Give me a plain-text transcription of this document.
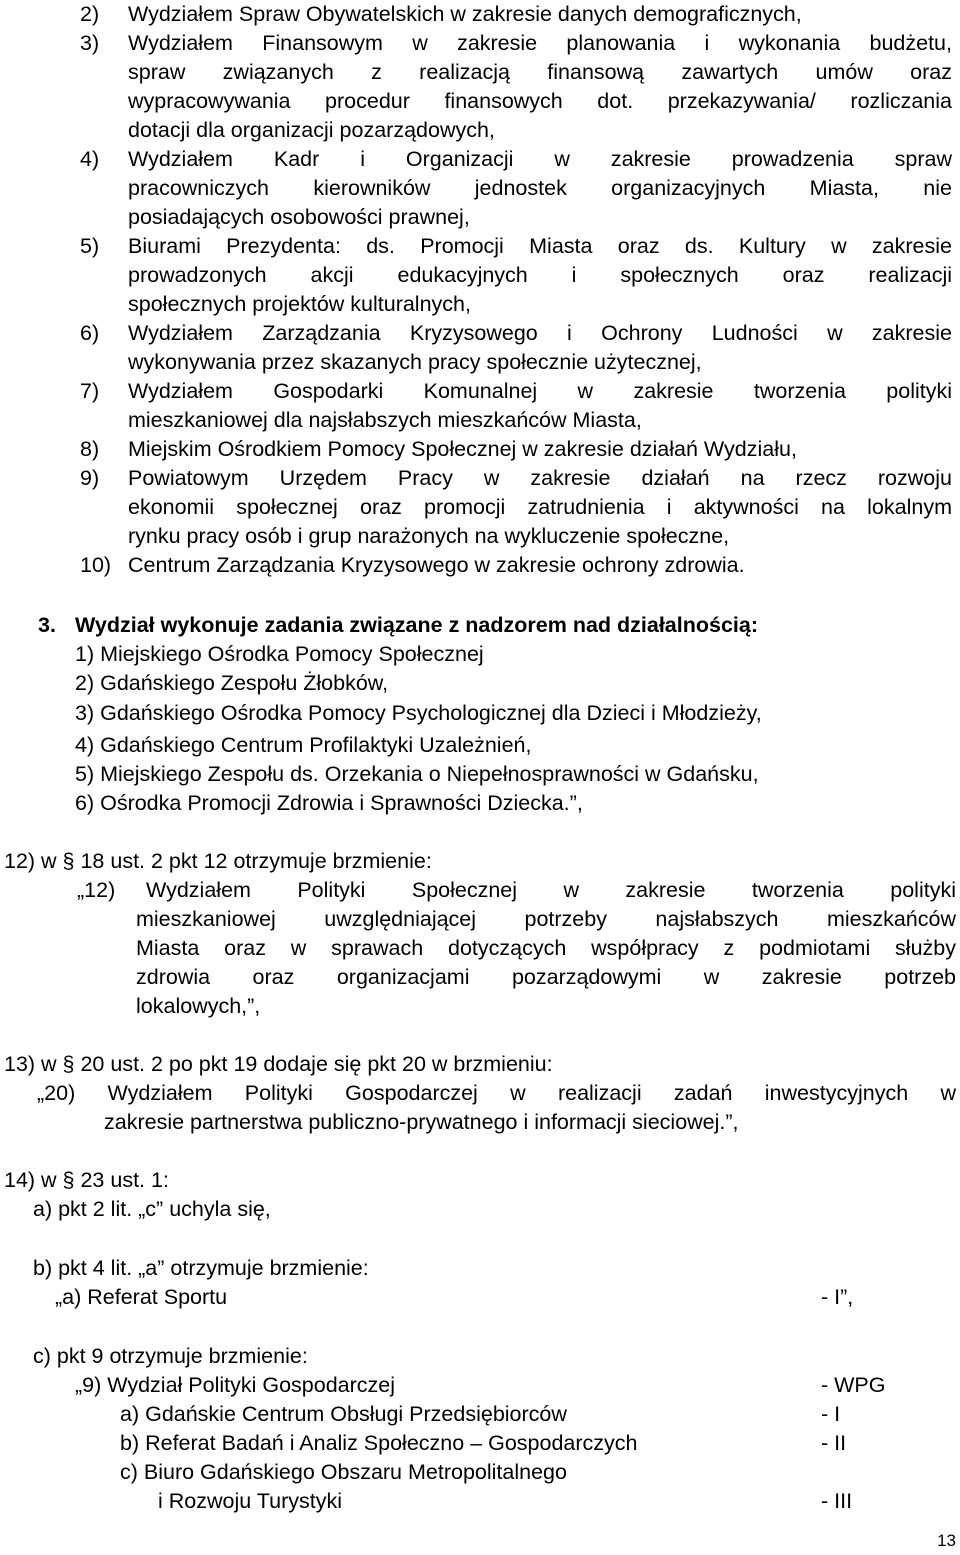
2) Wydziałem Spraw Obywatelskich w zakresie danych demograficznych,
3) Wydziałem Finansowym w zakresie planowania i wykonania budżetu,
spraw związanych z realizacją finansową zawartych umów oraz
wypracowywania procedur finansowych dot. przekazywania/ rozliczania
dotacji dla organizacji pozarządowych,
4) Wydziałem Kadr i Organizacji w zakresie prowadzenia spraw
pracowniczych kierowników jednostek organizacyjnych Miasta, nie
posiadających osobowości prawnej,
5) Biurami Prezydenta: ds. Promocji Miasta oraz ds. Kultury w zakresie
prowadzonych akcji edukacyjnych i społecznych oraz realizacji
społecznych projektów kulturalnych,
6) Wydziałem Zarządzania Kryzysowego i Ochrony Ludności w zakresie
wykonywania przez skazanych pracy społecznie użytecznej,
7) Wydziałem Gospodarki Komunalnej w zakresie tworzenia polityki
mieszkaniowej dla najsłabszych mieszkańców Miasta,
8) Miejskim Ośrodkiem Pomocy Społecznej w zakresie działań Wydziału,
9) Powiatowym Urzędem Pracy w zakresie działań na rzecz rozwoju
ekonomii społecznej oraz promocji zatrudnienia i aktywności na lokalnym
rynku pracy osób i grup narażonych na wykluczenie społeczne,
10) Centrum Zarządzania Kryzysowego w zakresie ochrony zdrowia.
3. Wydział wykonuje zadania związane z nadzorem nad działalnością:
1) Miejskiego Ośrodka Pomocy Społecznej
2) Gdańskiego Zespołu Żłobków,
3) Gdańskiego Ośrodka Pomocy Psychologicznej dla Dzieci i Młodzieży,
4) Gdańskiego Centrum Profilaktyki Uzależnień,
5) Miejskiego Zespołu ds. Orzekania o Niepełnosprawności w Gdańsku,
6) Ośrodka Promocji Zdrowia i Sprawności Dziecka.”,
12) w § 18 ust. 2 pkt 12 otrzymuje brzmienie:
„12) Wydziałem Polityki Społecznej w zakresie tworzenia polityki
mieszkaniowej uwzględniającej potrzeby najsłabszych mieszkańców
Miasta oraz w sprawach dotyczących współpracy z podmiotami służby
zdrowia oraz organizacjami pozarządowymi w zakresie potrzeb
lokalowych,”,
13) w § 20 ust. 2 po pkt 19 dodaje się pkt 20 w brzmieniu:
„20) Wydziałem Polityki Gospodarczej w realizacji zadań inwestycyjnych w
zakresie partnerstwa publiczno-prywatnego i informacji sieciowej.”,
14) w § 23 ust. 1:
a) pkt 2 lit. „c” uchyla się,
b) pkt 4 lit. „a” otrzymuje brzmienie:
„a) Referat Sportu	- I”,
c) pkt 9 otrzymuje brzmienie:
„9) Wydział Polityki Gospodarczej	- WPG
a) Gdańskie Centrum Obsługi Przedsiębiorców	- I
b) Referat Badań i Analiz Społeczno – Gospodarczych	- II
c) Biuro Gdańskiego Obszaru Metropolitalnego
i Rozwoju Turystyki	- III
13
